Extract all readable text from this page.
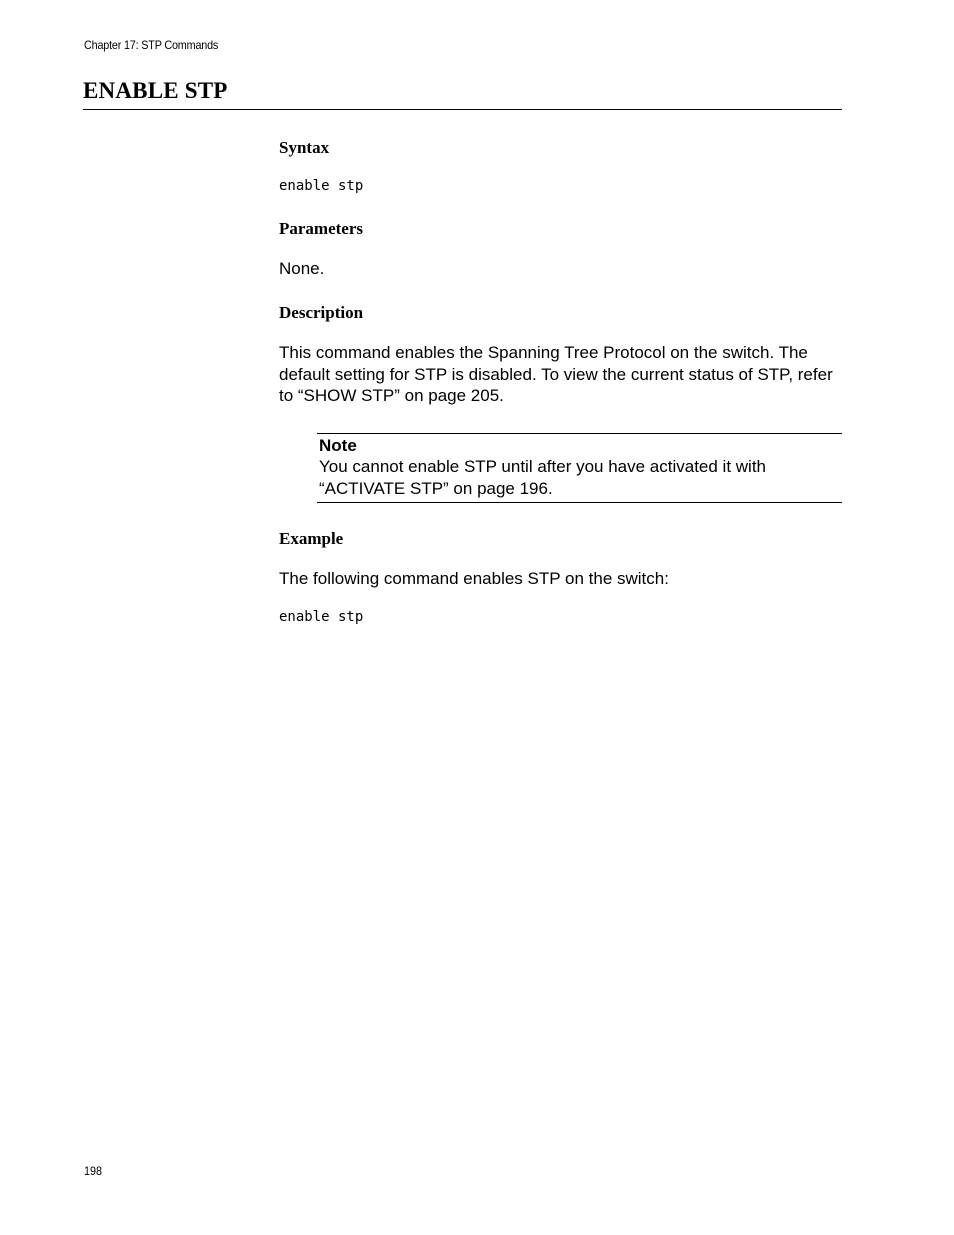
Chapter 17: STP Commands
ENABLE STP
Syntax
enable stp
Parameters

None.

Description

This command enables the Spanning Tree Protocol on the switch. The default setting for STP is disabled. To view the current status of STP, refer to “SHOW STP” on page 205.

Note

You cannot enable STP until after you have activated it with “ACTIVATE STP” on page 196.

Example

The following command enables STP on the switch:

enable stp
198
